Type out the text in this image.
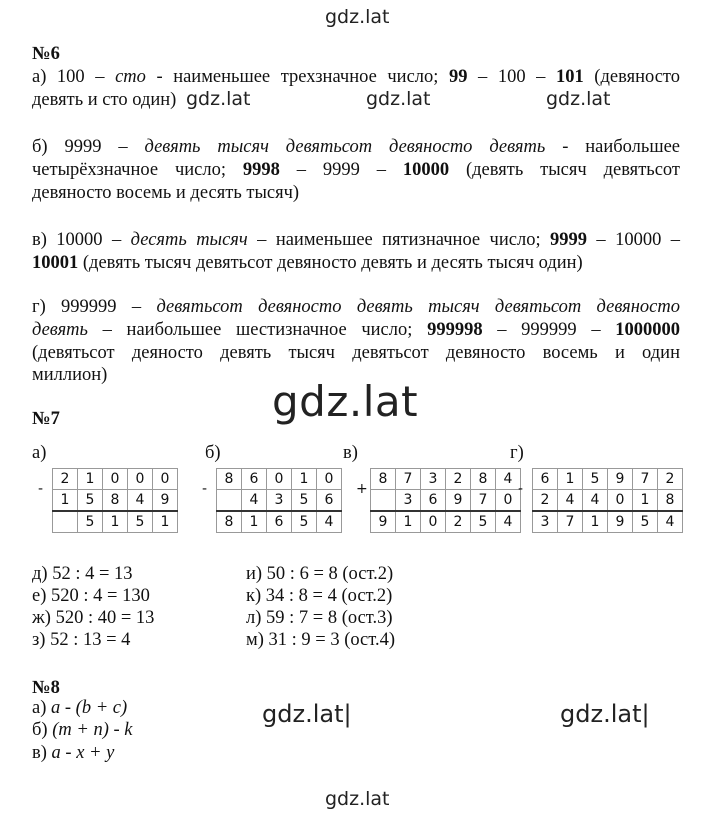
gdz.lat
gdz.lat	gdz.lat	gdz.lat
gdz.lat
gdz.lat|	gdz.lat|
gdz.lat
№6
а) 100 – сто - наименьшее трехзначное число; 99 – 100 – 101 (девяносто
девять и сто один)
б) 9999 – девять тысяч девятьсот девяносто девять - наибольшее
четырёхзначное число; 9998 – 9999 – 10000 (девять тысяч девятьсот
девяносто восемь и десять тысяч)
в) 10000 – десять тысяч – наименьшее пятизначное число; 9999 – 10000 –
10001 (девять тысяч девятьсот девяносто девять и десять тысяч один)
г) 999999 – девятьсот девяносто девять тысяч девятьсот девяносто
девять – наибольшее шестизначное число; 999998 – 999999 – 1000000
(девятьсот деяносто девять тысяч девятьсот девяносто восемь и один
миллион)
№7
а)	б)	в)	г)
-
2	1	0	0	0
1	5	8	4	9
	5	1	5	1
-
8	6	0	1	0
	4	3	5	6
8	1	6	5	4
+
8	7	3	2	8	4
	3	6	9	7	0
9	1	0	2	5	4
-
6	1	5	9	7	2
2	4	4	0	1	8
3	7	1	9	5	4
д) 52 : 4 = 13
е) 520 : 4 = 130
ж) 520 : 40 = 13
з) 52 : 13 = 4
и) 50 : 6 = 8 (ост.2)
к) 34 : 8 = 4 (ост.2)
л) 59 : 7 = 8 (ост.3)
м) 31 : 9 = 3 (ост.4)
№8
а) a - (b + c)
б) (m + n) - k
в) a - x + y
